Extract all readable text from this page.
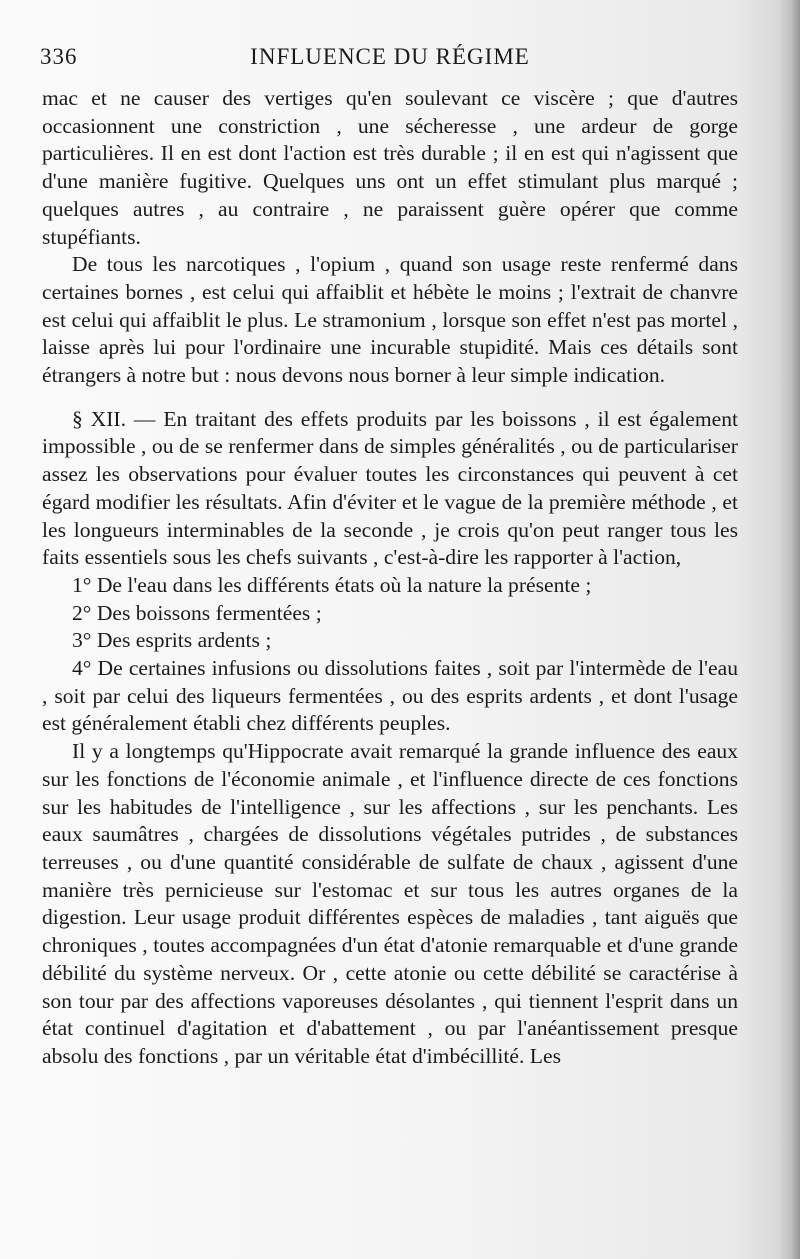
336	INFLUENCE DU RÉGIME

mac et ne causer des vertiges qu'en soulevant ce viscère ; que d'autres occasionnent une constriction , une sécheresse , une ardeur de gorge particulières. Il en est dont l'action est très durable ; il en est qui n'agissent que d'une manière fugitive. Quelques uns ont un effet stimulant plus marqué ; quelques autres , au contraire , ne paraissent guère opérer que comme stupéfiants.

De tous les narcotiques , l'opium , quand son usage reste renfermé dans certaines bornes , est celui qui affaiblit et hébète le moins ; l'extrait de chanvre est celui qui affaiblit le plus. Le stramonium , lorsque son effet n'est pas mortel , laisse après lui pour l'ordinaire une incurable stupidité. Mais ces détails sont étrangers à notre but : nous devons nous borner à leur simple indication.

§ XII. — En traitant des effets produits par les boissons , il est également impossible , ou de se renfermer dans de simples généralités , ou de particulariser assez les observations pour évaluer toutes les circonstances qui peuvent à cet égard modifier les résultats. Afin d'éviter et le vague de la première méthode , et les longueurs interminables de la seconde , je crois qu'on peut ranger tous les faits essentiels sous les chefs suivants , c'est-à-dire les rapporter à l'action,

1° De l'eau dans les différents états où la nature la présente ;

2° Des boissons fermentées ;

3° Des esprits ardents ;

4° De certaines infusions ou dissolutions faites , soit par l'intermède de l'eau , soit par celui des liqueurs fermentées , ou des esprits ardents , et dont l'usage est généralement établi chez différents peuples.

Il y a longtemps qu'Hippocrate avait remarqué la grande influence des eaux sur les fonctions de l'économie animale , et l'influence directe de ces fonctions sur les habitudes de l'intelligence , sur les affections , sur les penchants. Les eaux saumâtres , chargées de dissolutions végétales putrides , de substances terreuses , ou d'une quantité considérable de sulfate de chaux , agissent d'une manière très pernicieuse sur l'estomac et sur tous les autres organes de la digestion. Leur usage produit différentes espèces de maladies , tant aiguës que chroniques , toutes accompagnées d'un état d'atonie remarquable et d'une grande débilité du système nerveux. Or , cette atonie ou cette débilité se caractérise à son tour par des affections vaporeuses désolantes , qui tiennent l'esprit dans un état continuel d'agitation et d'abattement , ou par l'anéantissement presque absolu des fonctions , par un véritable état d'imbécillité. Les
